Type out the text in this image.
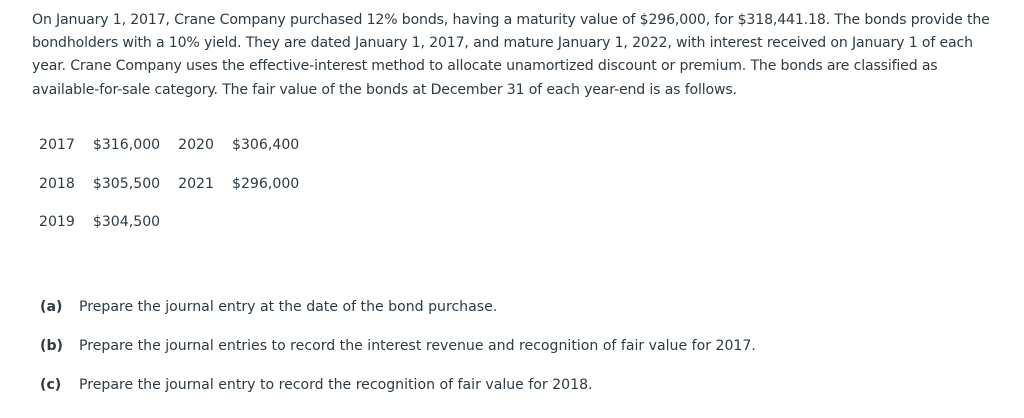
On January 1, 2017, Crane Company purchased 12% bonds, having a maturity value of $296,000, for $318,441.18. The bonds provide the bondholders with a 10% yield. They are dated January 1, 2017, and mature January 1, 2022, with interest received on January 1 of each year. Crane Company uses the effective-interest method to allocate unamortized discount or premium. The bonds are classified as available-for-sale category. The fair value of the bonds at December 31 of each year-end is as follows.

2017	$316,000	2020	$306,400
2018	$305,500	2021	$296,000
2019	$304,500		
(a)	Prepare the journal entry at the date of the bond purchase.
(b)	Prepare the journal entries to record the interest revenue and recognition of fair value for 2017.
(c)	Prepare the journal entry to record the recognition of fair value for 2018.
